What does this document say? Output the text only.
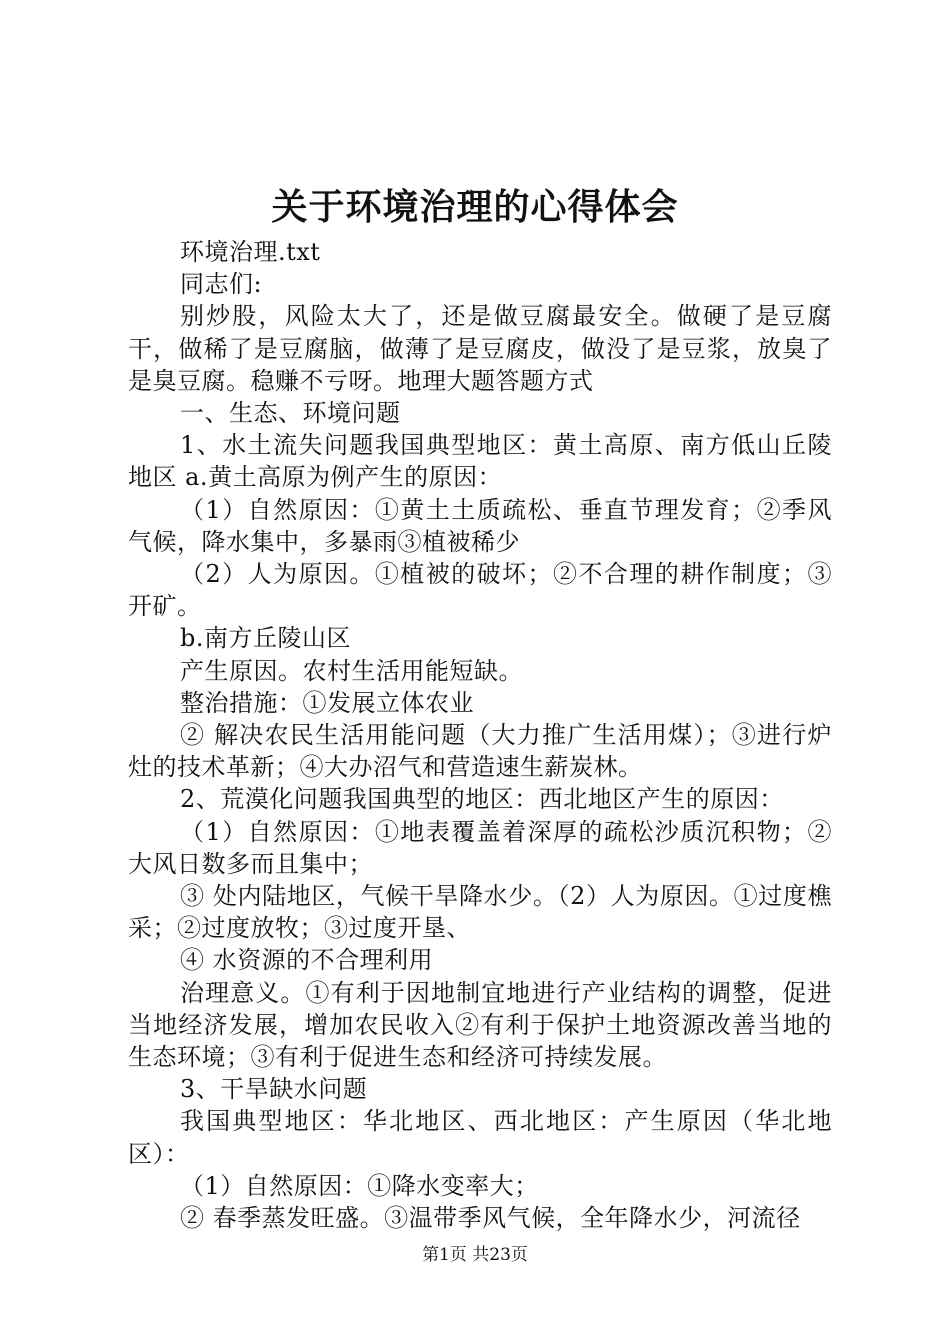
关于环境治理的心得体会

环境治理.txt

同志们:

别炒股，风险太大了，还是做豆腐最安全。做硬了是豆腐干，做稀了是豆腐脑，做薄了是豆腐皮，做没了是豆浆，放臭了是臭豆腐。稳赚不亏呀。地理大题答题方式

一、生态、环境问题

1、水土流失问题我国典型地区：黄土高原、南方低山丘陵地区 a.黄土高原为例产生的原因：

（1）自然原因：①黄土土质疏松、垂直节理发育；②季风气候，降水集中，多暴雨③植被稀少

（2）人为原因。①植被的破坏；②不合理的耕作制度；③开矿。

b.南方丘陵山区

产生原因。农村生活用能短缺。

整治措施：①发展立体农业

② 解决农民生活用能问题（大力推广生活用煤）；③进行炉灶的技术革新；④大办沼气和营造速生薪炭林。

2、荒漠化问题我国典型的地区：西北地区产生的原因：

（1）自然原因：①地表覆盖着深厚的疏松沙质沉积物；②大风日数多而且集中；

③ 处内陆地区，气候干旱降水少。（2）人为原因。①过度樵采；②过度放牧；③过度开垦、

④ 水资源的不合理利用

治理意义。①有利于因地制宜地进行产业结构的调整，促进当地经济发展，增加农民收入②有利于保护土地资源改善当地的生态环境；③有利于促进生态和经济可持续发展。

3、干旱缺水问题

我国典型地区：华北地区、西北地区：产生原因（华北地区）：

（1）自然原因：①降水变率大；

② 春季蒸发旺盛。③温带季风气候，全年降水少，河流径

第1页 共23页
